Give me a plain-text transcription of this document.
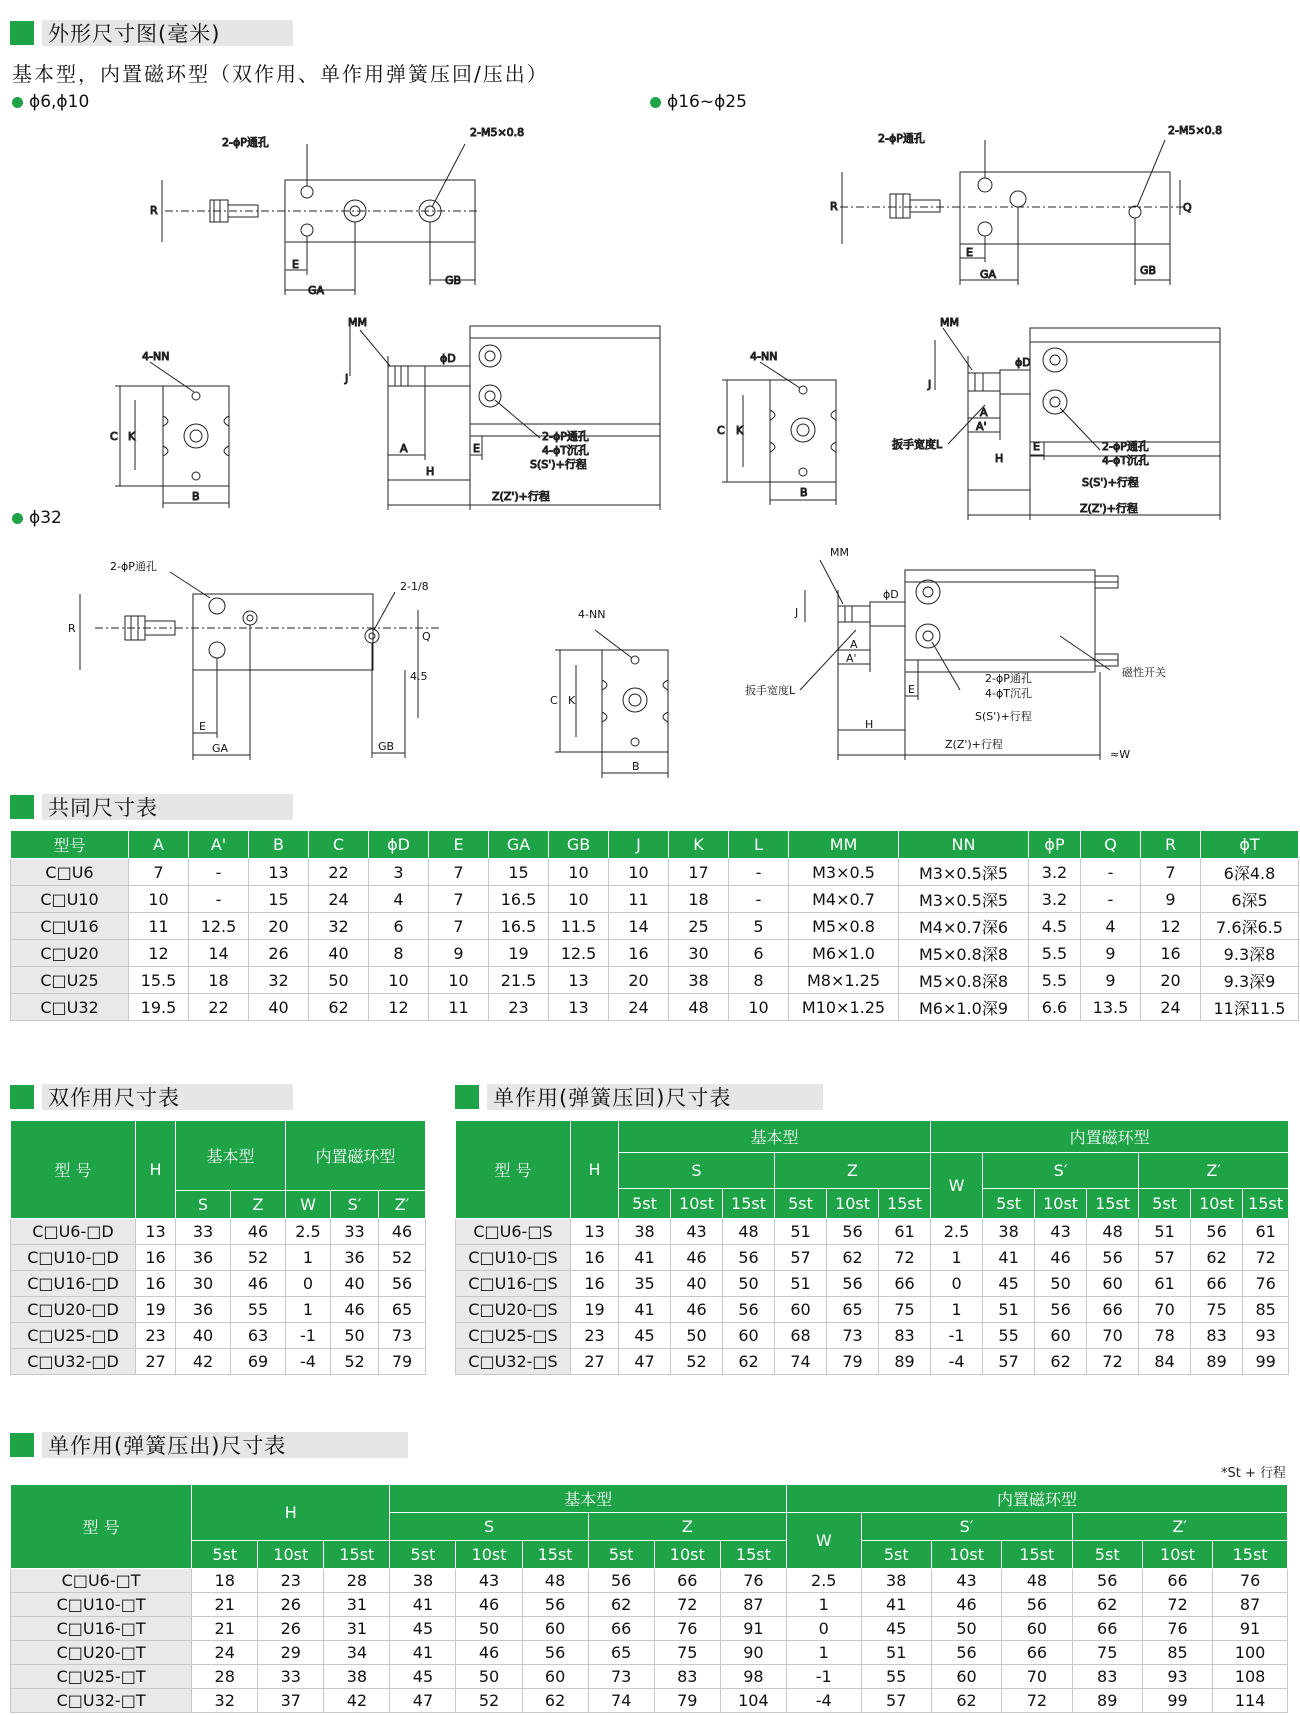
外形尺寸图(毫米)
基本型，内置磁环型（双作用、单作用弹簧压回/压出）
ϕ6,ϕ10	ϕ16~ϕ25
ϕ32
2-ϕP通孔
2-M5×0.8
R
E
GA
GB
4-NN
C K
B
MM
J
ϕD
A	E
H
2-ϕP通孔
4-ϕT沉孔
S(S')+行程
Z(Z')+行程
2-ϕP通孔
2-M5×0.8
R	Q
E
GA	GB
4-NN
C K
B
MM
J
ϕD
A
A'
扳手宽度L	E
H
2-ϕP通孔
4-ϕT沉孔
S(S')+行程
Z(Z')+行程
2-ϕP通孔
2-1/8
R
Q
4.5
E
GA	GB
4-NN
C K
B
MM
J
ϕD
A
A'
扳手宽度L	E
H
2-ϕP通孔
4-ϕT沉孔
S(S')+行程
Z(Z')+行程
磁性开关
≈W
共同尺寸表
型号	A	A'	B	C	ϕD	E	GA	GB	J	K	L	MM	NN	ϕP	Q	R	ϕT
C□U6	7	-	13	22	3	7	15	10	10	17	-	M3×0.5	M3×0.5深5	3.2	-	7	6深4.8
C□U10	10	-	15	24	4	7	16.5	10	11	18	-	M4×0.7	M3×0.5深5	3.2	-	9	6深5
C□U16	11	12.5	20	32	6	7	16.5	11.5	14	25	5	M5×0.8	M4×0.7深6	4.5	4	12	7.6深6.5
C□U20	12	14	26	40	8	9	19	12.5	16	30	6	M6×1.0	M5×0.8深8	5.5	9	16	9.3深8
C□U25	15.5	18	32	50	10	10	21.5	13	20	38	8	M8×1.25	M5×0.8深8	5.5	9	20	9.3深9
C□U32	19.5	22	40	62	12	11	23	13	24	48	10	M10×1.25	M6×1.0深9	6.6	13.5	24	11深11.5
双作用尺寸表	单作用(弹簧压回)尺寸表
型 号	H	基本型		内置磁环型		
		S	Z	W	S′	Z′
C□U6-□D	13	33	46	2.5	33	46
C□U10-□D	16	36	52	1	36	52
C□U16-□D	16	30	46	0	40	56
C□U20-□D	19	36	55	1	46	65
C□U25-□D	23	40	63	-1	50	73
C□U32-□D	27	42	69	-4	52	79
型 号	H	基本型						内置磁环型						
		S			Z			W	S′			Z′		
		5st	10st	15st	5st	10st	15st		5st	10st	15st	5st	10st	15st
C□U6-□S	13	38	43	48	51	56	61	2.5	38	43	48	51	56	61
C□U10-□S	16	41	46	56	57	62	72	1	41	46	56	57	62	72
C□U16-□S	16	35	40	50	51	56	66	0	45	50	60	61	66	76
C□U20-□S	19	41	46	56	60	65	75	1	51	56	66	70	75	85
C□U25-□S	23	45	50	60	68	73	83	-1	55	60	70	78	83	93
C□U32-□S	27	47	52	62	74	79	89	-4	57	62	72	84	89	99
单作用(弹簧压出)尺寸表
*St + 行程
型 号	H			基本型						内置磁环型						
				S			Z			W	S′			Z′		
	5st	10st	15st	5st	10st	15st	5st	10st	15st		5st	10st	15st	5st	10st	15st
C□U6-□T	18	23	28	38	43	48	56	66	76	2.5	38	43	48	56	66	76
C□U10-□T	21	26	31	41	46	56	62	72	87	1	41	46	56	62	72	87
C□U16-□T	21	26	31	45	50	60	66	76	91	0	45	50	60	66	76	91
C□U20-□T	24	29	34	41	46	56	65	75	90	1	51	56	66	75	85	100
C□U25-□T	28	33	38	45	50	60	73	83	98	-1	55	60	70	83	93	108
C□U32-□T	32	37	42	47	52	62	74	79	104	-4	57	62	72	89	99	114
